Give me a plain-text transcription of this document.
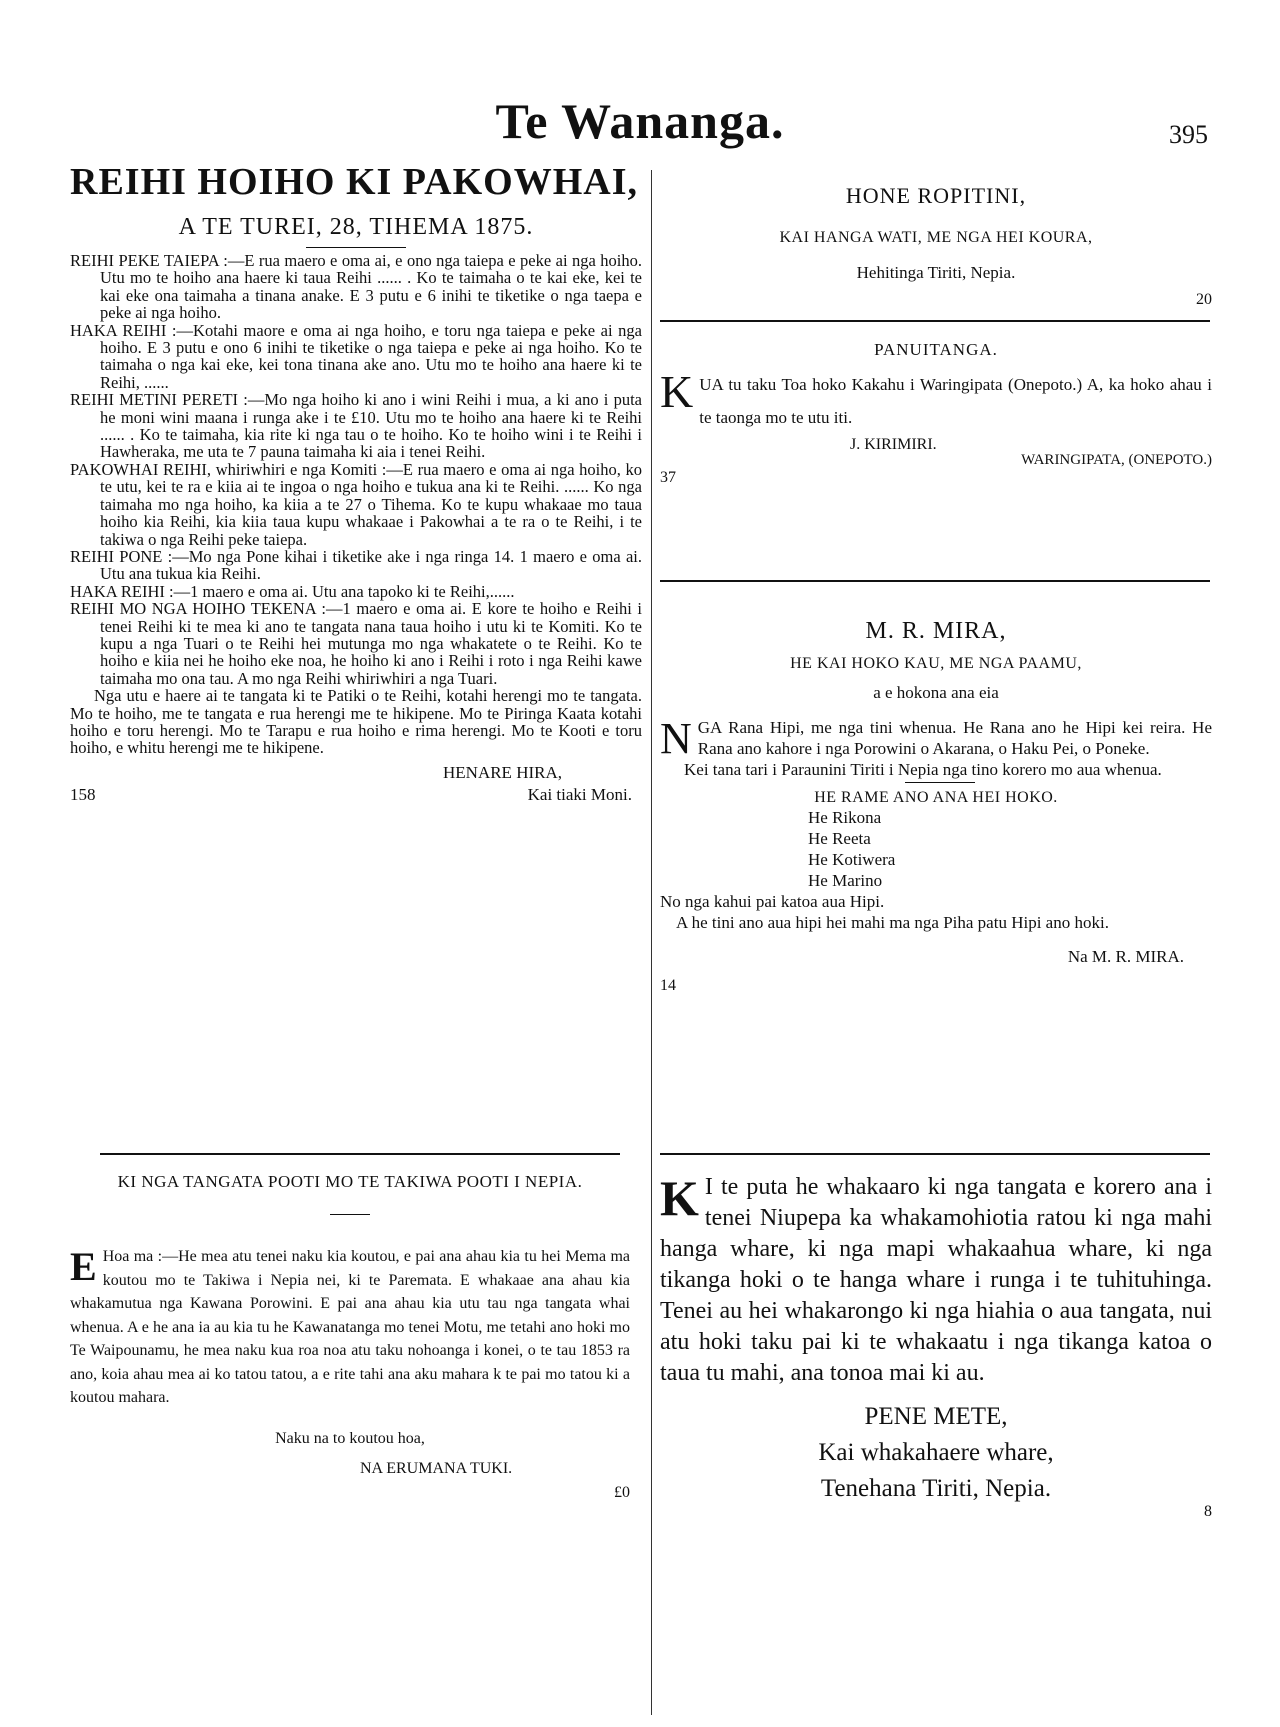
Te Wananga.	395
REIHI HOIHO KI PAKOWHAI,
A TE TUREI, 28, TIHEMA 1875.

REIHI PEKE TAIEPA :—E rua maero e oma ai, e ono nga taiepa e peke ai nga hoiho. Utu mo te hoiho ana haere ki taua Reihi ...... . Ko te taimaha o te kai eke, kei te kai eke ona taimaha a tinana anake. E 3 putu e 6 inihi te tiketike o nga taepa e peke ai nga hoiho.

HAKA REIHI :—Kotahi maore e oma ai nga hoiho, e toru nga taiepa e peke ai nga hoiho. E 3 putu e ono 6 inihi te tiketike o nga taiepa e peke ai nga hoiho. Ko te taimaha o nga kai eke, kei tona tinana ake ano. Utu mo te hoiho ana haere ki te Reihi, ......

REIHI METINI PERETI :—Mo nga hoiho ki ano i wini Reihi i mua, a ki ano i puta he moni wini maana i runga ake i te £10. Utu mo te hoiho ana haere ki te Reihi ...... . Ko te taimaha, kia rite ki nga tau o te hoiho. Ko te hoiho wini i te Reihi i Hawheraka, me uta te 7 pauna taimaha ki aia i tenei Reihi.

PAKOWHAI REIHI, whiriwhiri e nga Komiti :—E rua maero e oma ai nga hoiho, ko te utu, kei te ra e kiia ai te ingoa o nga hoiho e tukua ana ki te Reihi. ...... Ko nga taimaha mo nga hoiho, ka kiia a te 27 o Tihema. Ko te kupu whakaae mo taua hoiho kia Reihi, kia kiia taua kupu whakaae i Pakowhai a te ra o te Reihi, i te takiwa o nga Reihi peke taiepa.

REIHI PONE :—Mo nga Pone kihai i tiketike ake i nga ringa 14. 1 maero e oma ai. Utu ana tukua kia Reihi.

HAKA REIHI :—1 maero e oma ai. Utu ana tapoko ki te Reihi,......

REIHI MO NGA HOIHO TEKENA :—1 maero e oma ai. E kore te hoiho e Reihi i tenei Reihi ki te mea ki ano te tangata nana taua hoiho i utu ki te Komiti. Ko te kupu a nga Tuari o te Reihi hei mutunga mo nga whakatete o te Reihi. Ko te hoiho e kiia nei he hoiho eke noa, he hoiho ki ano i Reihi i roto i nga Reihi kawe taimaha mo ona tau. A mo nga Reihi whiriwhiri a nga Tuari.

Nga utu e haere ai te tangata ki te Patiki o te Reihi, kotahi herengi mo te tangata. Mo te hoiho, me te tangata e rua herengi me te hikipene. Mo te Piringa Kaata kotahi hoiho e toru herengi. Mo te Tarapu e rua hoiho e rima herengi. Mo te Kooti e toru hoiho, e whitu herengi me te hikipene.

HENARE HIRA,
158	Kai tiaki Moni.
KI NGA TANGATA POOTI MO TE TAKIWA POOTI I NEPIA.
E Hoa ma :—He mea atu tenei naku kia koutou, e pai ana ahau kia tu hei Mema ma koutou mo te Takiwa i Nepia nei, ki te Paremata. E whakaae ana ahau kia whakamutua nga Kawana Porowini. E pai ana ahau kia utu tau nga tangata whai whenua. A e he ana ia au kia tu he Kawanatanga mo tenei Motu, me tetahi ano hoki mo Te Waipounamu, he mea naku kua roa noa atu taku nohoanga i konei, o te tau 1853 ra ano, koia ahau mea ai ko tatou tatou, a e rite tahi ana aku mahara k te pai mo tatou ki a koutou mahara.
Naku na to koutou hoa,
NA ERUMANA TUKI.
£0
HONE ROPITINI,
KAI HANGA WATI, ME NGA HEI KOURA,
Hehitinga Tiriti, Nepia.
20
PANUITANGA.
K UA tu taku Toa hoko Kakahu i Waringipata (Onepoto.) A, ka hoko ahau i te taonga mo te utu iti.
J. KIRIMIRI.
WARINGIPATA, (ONEPOTO.)
37
M. R. MIRA,
HE KAI HOKO KAU, ME NGA PAAMU,
a e hokona ana eia
N GA Rana Hipi, me nga tini whenua. He Rana ano he Hipi kei reira. He Rana ano kahore i nga Porowini o Akarana, o Haku Pei, o Poneke.
Kei tana tari i Paraunini Tiriti i Nepia nga tino korero mo aua whenua.
HE RAME ANO ANA HEI HOKO.
He Rikona
He Reeta
He Kotiwera
He Marino
No nga kahui pai katoa aua Hipi.
A he tini ano aua hipi hei mahi ma nga Piha patu Hipi ano hoki.
Na M. R. MIRA.
14
K I te puta he whakaaro ki nga tangata e korero ana i tenei Niupepa ka whakamohiotia ratou ki nga mahi hanga whare, ki nga mapi whakaahua whare, ki nga tikanga hoki o te hanga whare i runga i te tuhituhinga. Tenei au hei whakarongo ki nga hiahia o aua tangata, nui atu hoki taku pai ki te whakaatu i nga tikanga katoa o taua tu mahi, ana tonoa mai ki au.
PENE METE,
Kai whakahaere whare,
Tenehana Tiriti, Nepia.
8
